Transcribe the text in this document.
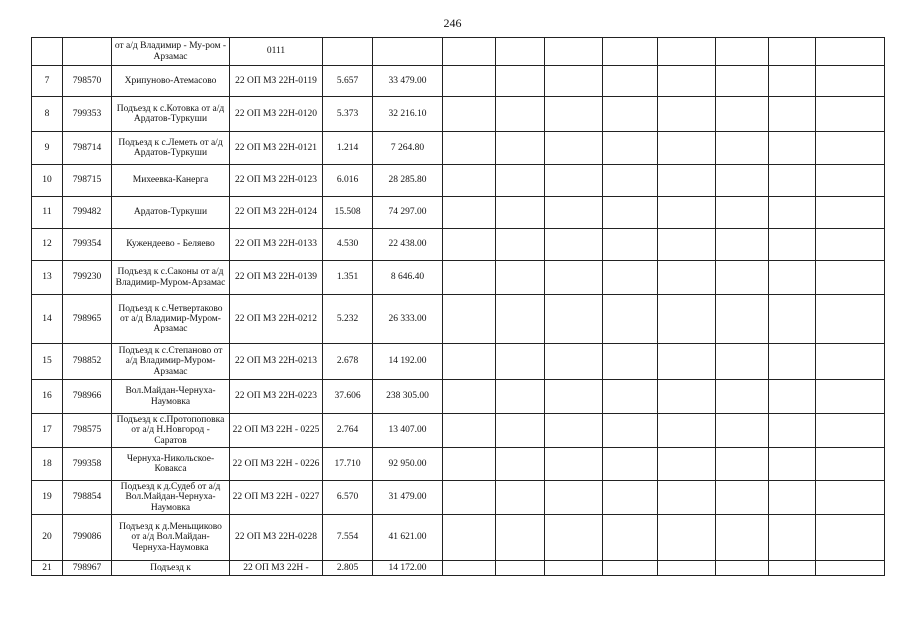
246
		от а/д Владимир - Му-ром - Арзамас	0111										
7	798570	Хрипуново-Атемасово	22 ОП МЗ 22Н-0119	5.657	33 479.00								
8	799353	Подъезд к с.Котовка от а/д Ардатов-Туркуши	22 ОП МЗ 22Н-0120	5.373	32 216.10								
9	798714	Подъезд к с.Леметь от а/д Ардатов-Туркуши	22 ОП МЗ 22Н-0121	1.214	7 264.80								
10	798715	Михеевка-Канерга	22 ОП МЗ 22Н-0123	6.016	28 285.80								
11	799482	Ардатов-Туркуши	22 ОП МЗ 22Н-0124	15.508	74 297.00								
12	799354	Кужендеево - Беляево	22 ОП МЗ 22Н-0133	4.530	22 438.00								
13	799230	Подъезд к с.Саконы от а/д Владимир-Муром-Арзамас	22 ОП МЗ 22Н-0139	1.351	8 646.40								
14	798965	Подъезд к с.Четвертаково от а/д Владимир-Муром-Арзамас	22 ОП МЗ 22Н-0212	5.232	26 333.00								
15	798852	Подъезд к с.Степаново от а/д Владимир-Муром-Арзамас	22 ОП МЗ 22Н-0213	2.678	14 192.00								
16	798966	Вол.Майдан-Чернуха-Наумовка	22 ОП МЗ 22Н-0223	37.606	238 305.00								
17	798575	Подъезд к с.Протопоповка от а/д Н.Новгород - Саратов	22 ОП МЗ 22Н - 0225	2.764	13 407.00								
18	799358	Чернуха-Никольское-Ковакса	22 ОП МЗ 22Н - 0226	17.710	92 950.00								
19	798854	Подъезд к д.Судеб от а/д Вол.Майдан-Чернуха-Наумовка	22 ОП МЗ 22Н - 0227	6.570	31 479.00								
20	799086	Подъезд к д.Меньщиково от а/д Вол.Майдан-Чернуха-Наумовка	22 ОП МЗ 22Н-0228	7.554	41 621.00								
21	798967	Подъезд к	22 ОП МЗ 22Н -	2.805	14 172.00								
